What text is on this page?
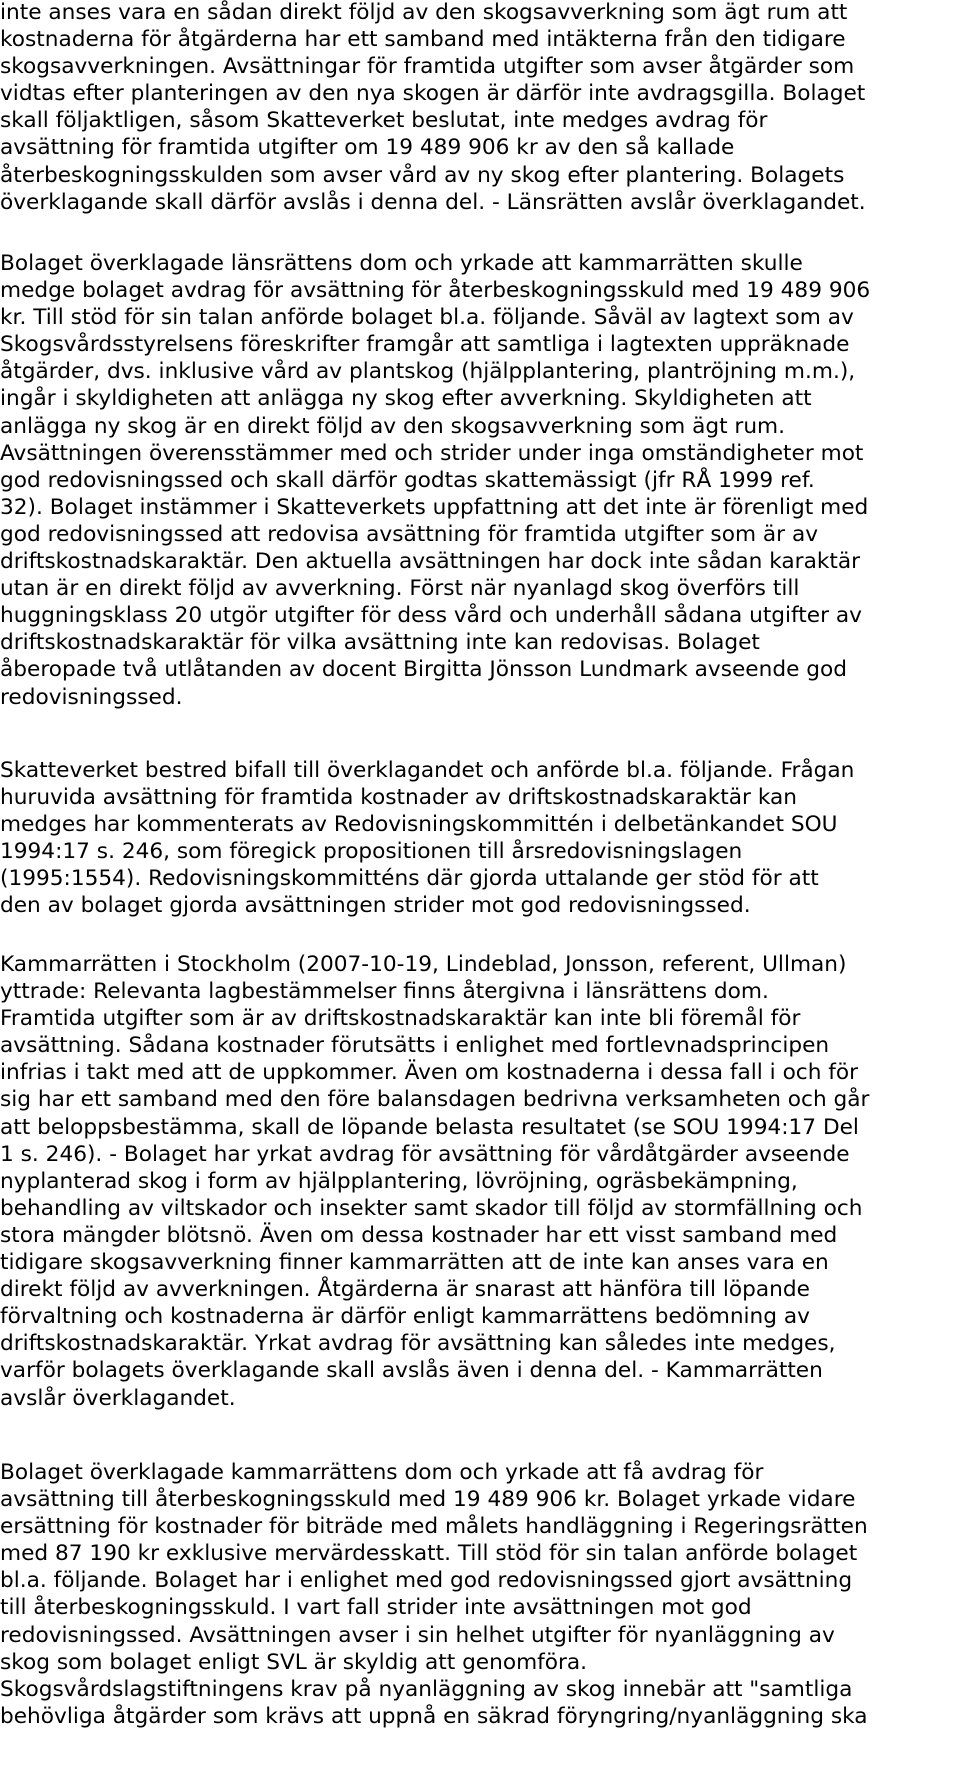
inte anses vara en sådan direkt följd av den skogsavverkning som ägt rum att
kostnaderna för åtgärderna har ett samband med intäkterna från den tidigare
skogsavverkningen. Avsättningar för framtida utgifter som avser åtgärder som
vidtas efter planteringen av den nya skogen är därför inte avdragsgilla. Bolaget
skall följaktligen, såsom Skatteverket beslutat, inte medges avdrag för
avsättning för framtida utgifter om 19 489 906 kr av den så kallade
återbeskogningsskulden som avser vård av ny skog efter plantering. Bolagets
överklagande skall därför avslås i denna del. - Länsrätten avslår överklagandet.
Bolaget överklagade länsrättens dom och yrkade att kammarrätten skulle
medge bolaget avdrag för avsättning för återbeskogningsskuld med 19 489 906
kr. Till stöd för sin talan anförde bolaget bl.a. följande. Såväl av lagtext som av
Skogsvårdsstyrelsens föreskrifter framgår att samtliga i lagtexten uppräknade
åtgärder, dvs. inklusive vård av plantskog (hjälpplantering, plantröjning m.m.),
ingår i skyldigheten att anlägga ny skog efter avverkning. Skyldigheten att
anlägga ny skog är en direkt följd av den skogsavverkning som ägt rum.
Avsättningen överensstämmer med och strider under inga omständigheter mot
god redovisningssed och skall därför godtas skattemässigt (jfr RÅ 1999 ref.
32). Bolaget instämmer i Skatteverkets uppfattning att det inte är förenligt med
god redovisningssed att redovisa avsättning för framtida utgifter som är av
driftskostnadskaraktär. Den aktuella avsättningen har dock inte sådan karaktär
utan är en direkt följd av avverkning. Först när nyanlagd skog överförs till
huggningsklass 20 utgör utgifter för dess vård och underhåll sådana utgifter av
driftskostnadskaraktär för vilka avsättning inte kan redovisas. Bolaget
åberopade två utlåtanden av docent Birgitta Jönsson Lundmark avseende god
redovisningssed.
Skatteverket bestred bifall till överklagandet och anförde bl.a. följande. Frågan
huruvida avsättning för framtida kostnader av driftskostnadskaraktär kan
medges har kommenterats av Redovisningskommittén i delbetänkandet SOU
1994:17 s. 246, som föregick propositionen till årsredovisningslagen
(1995:1554). Redovisningskommitténs där gjorda uttalande ger stöd för att
den av bolaget gjorda avsättningen strider mot god redovisningssed.
Kammarrätten i Stockholm (2007-10-19, Lindeblad, Jonsson, referent, Ullman)
yttrade: Relevanta lagbestämmelser finns återgivna i länsrättens dom.
Framtida utgifter som är av driftskostnadskaraktär kan inte bli föremål för
avsättning. Sådana kostnader förutsätts i enlighet med fortlevnadsprincipen
infrias i takt med att de uppkommer. Även om kostnaderna i dessa fall i och för
sig har ett samband med den före balansdagen bedrivna verksamheten och går
att beloppsbestämma, skall de löpande belasta resultatet (se SOU 1994:17 Del
1 s. 246). - Bolaget har yrkat avdrag för avsättning för vårdåtgärder avseende
nyplanterad skog i form av hjälpplantering, lövröjning, ogräsbekämpning,
behandling av viltskador och insekter samt skador till följd av stormfällning och
stora mängder blötsnö. Även om dessa kostnader har ett visst samband med
tidigare skogsavverkning finner kammarrätten att de inte kan anses vara en
direkt följd av avverkningen. Åtgärderna är snarast att hänföra till löpande
förvaltning och kostnaderna är därför enligt kammarrättens bedömning av
driftskostnadskaraktär. Yrkat avdrag för avsättning kan således inte medges,
varför bolagets överklagande skall avslås även i denna del. - Kammarrätten
avslår överklagandet.
Bolaget överklagade kammarrättens dom och yrkade att få avdrag för
avsättning till återbeskogningsskuld med 19 489 906 kr. Bolaget yrkade vidare
ersättning för kostnader för biträde med målets handläggning i Regeringsrätten
med 87 190 kr exklusive mervärdesskatt. Till stöd för sin talan anförde bolaget
bl.a. följande. Bolaget har i enlighet med god redovisningssed gjort avsättning
till återbeskogningsskuld. I vart fall strider inte avsättningen mot god
redovisningssed. Avsättningen avser i sin helhet utgifter för nyanläggning av
skog som bolaget enligt SVL är skyldig att genomföra.
Skogsvårdslagstiftningens krav på nyanläggning av skog innebär att "samtliga
behövliga åtgärder som krävs att uppnå en säkrad föryngring/nyanläggning ska
